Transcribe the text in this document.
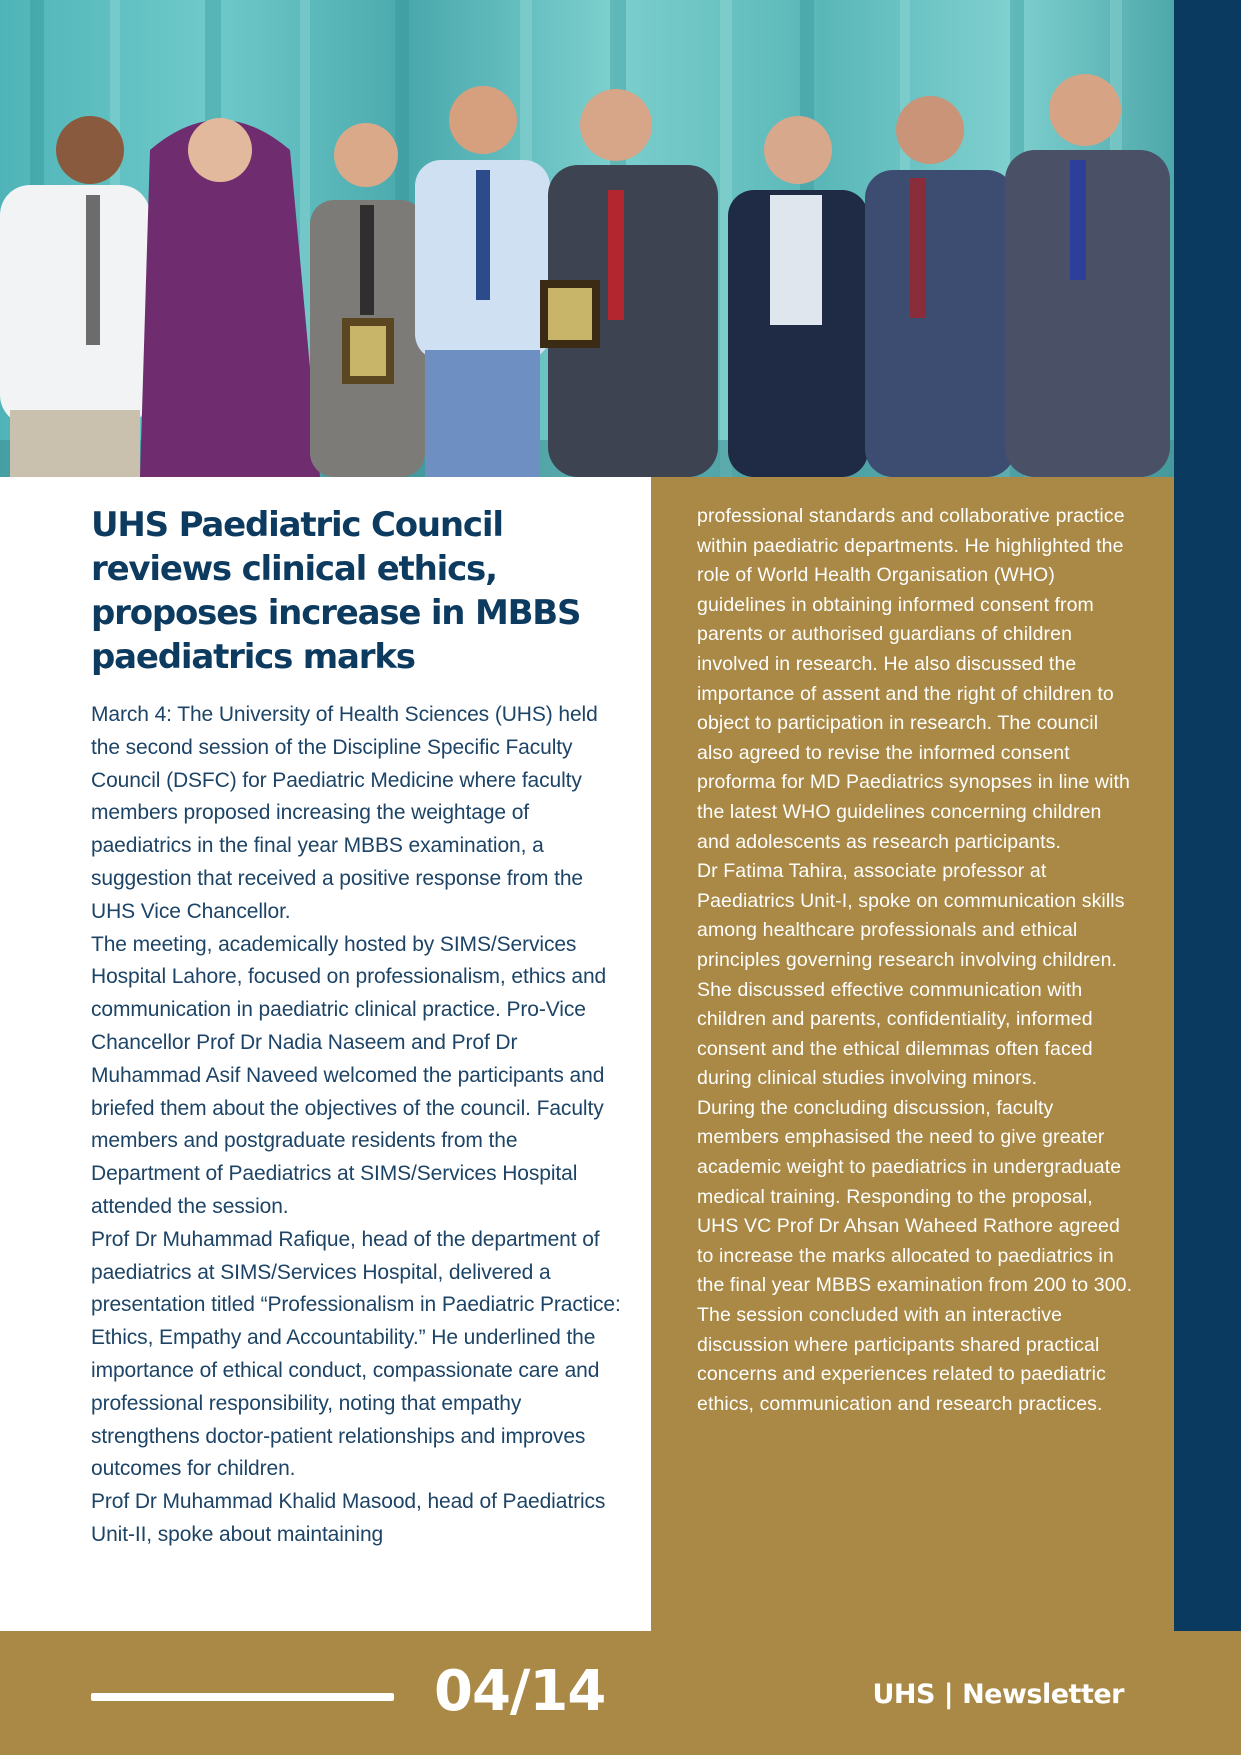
UHS Paediatric Council reviews clinical ethics, proposes increase in MBBS paediatrics marks

March 4: The University of Health Sciences (UHS) held the second session of the Discipline Specific Faculty Council (DSFC) for Paediatric Medicine where faculty members proposed increasing the weightage of paediatrics in the final year MBBS examination, a suggestion that received a positive response from the UHS Vice Chancellor.

The meeting, academically hosted by SIMS/Services Hospital Lahore, focused on professionalism, ethics and communication in paediatric clinical practice. Pro-Vice Chancellor Prof Dr Nadia Naseem and Prof Dr Muhammad Asif Naveed welcomed the participants and briefed them about the objectives of the council. Faculty members and postgraduate residents from the Department of Paediatrics at SIMS/Services Hospital attended the session.

Prof Dr Muhammad Rafique, head of the department of paediatrics at SIMS/Services Hospital, delivered a presentation titled “Professionalism in Paediatric Practice: Ethics, Empathy and Accountability.” He underlined the importance of ethical conduct, compassionate care and professional responsibility, noting that empathy strengthens doctor-patient relationships and improves outcomes for children.

Prof Dr Muhammad Khalid Masood, head of Paediatrics Unit-II, spoke about maintaining

professional standards and collaborative practice within paediatric departments. He highlighted the role of World Health Organisation (WHO) guidelines in obtaining informed consent from parents or authorised guardians of children involved in research. He also discussed the importance of assent and the right of children to object to participation in research. The council also agreed to revise the informed consent proforma for MD Paediatrics synopses in line with the latest WHO guidelines concerning children and adolescents as research participants.

Dr Fatima Tahira, associate professor at Paediatrics Unit-I, spoke on communication skills among healthcare professionals and ethical principles governing research involving children. She discussed effective communication with children and parents, confidentiality, informed consent and the ethical dilemmas often faced during clinical studies involving minors.

During the concluding discussion, faculty members emphasised the need to give greater academic weight to paediatrics in undergraduate medical training. Responding to the proposal, UHS VC Prof Dr Ahsan Waheed Rathore agreed to increase the marks allocated to paediatrics in the final year MBBS examination from 200 to 300.

The session concluded with an interactive discussion where participants shared practical concerns and experiences related to paediatric ethics, communication and research practices.

04/14	UHS | Newsletter
